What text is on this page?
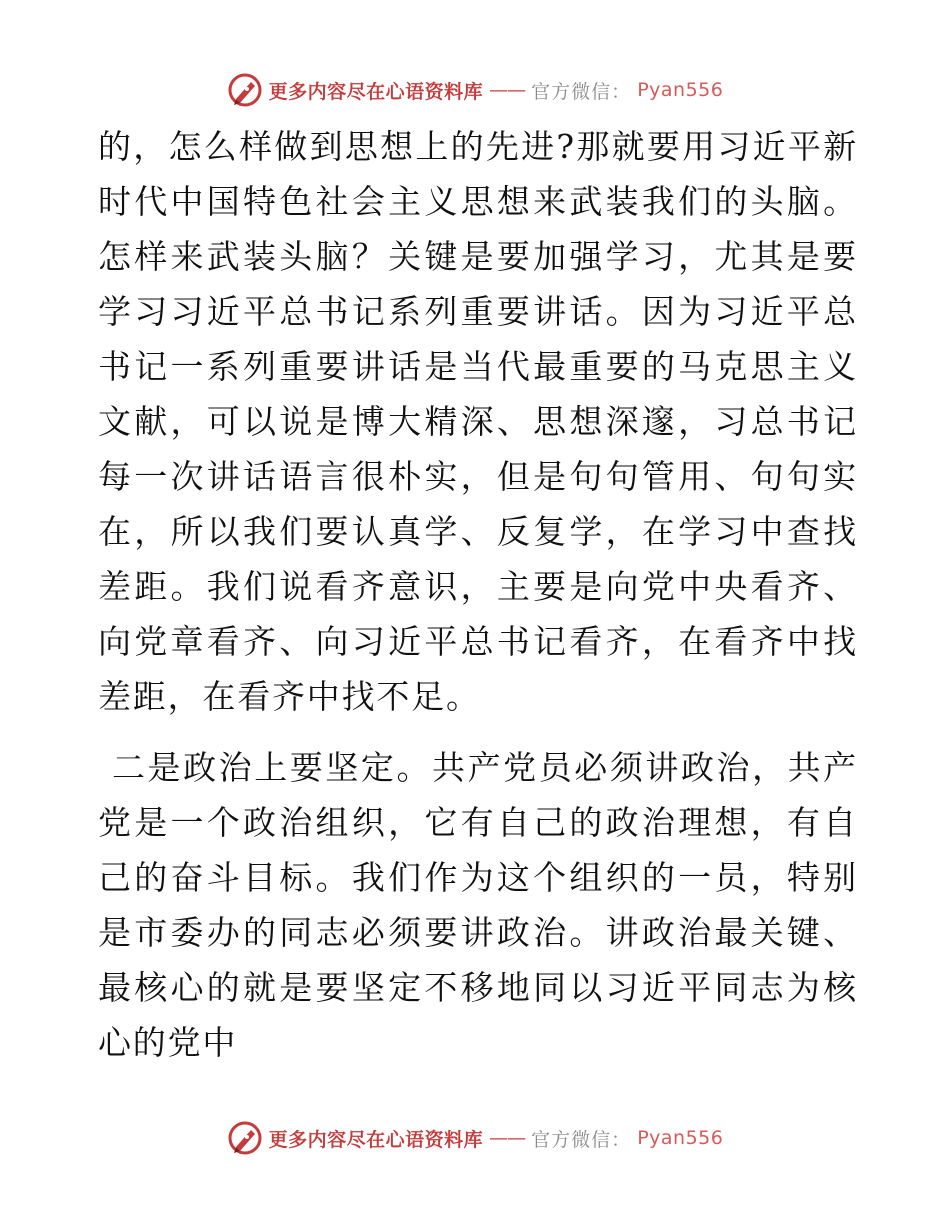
更多内容尽在心语资料库 —— 官方微信： Pyan556

的，怎么样做到思想上的先进?那就要用习近平新时代中国特色社会主义思想来武装我们的头脑。怎样来武装头脑？关键是要加强学习，尤其是要学习习近平总书记系列重要讲话。因为习近平总书记一系列重要讲话是当代最重要的马克思主义文献，可以说是博大精深、思想深邃，习总书记每一次讲话语言很朴实，但是句句管用、句句实在，所以我们要认真学、反复学，在学习中查找差距。我们说看齐意识，主要是向党中央看齐、向党章看齐、向习近平总书记看齐，在看齐中找差距，在看齐中找不足。

二是政治上要坚定。共产党员必须讲政治，共产党是一个政治组织，它有自己的政治理想，有自己的奋斗目标。我们作为这个组织的一员，特别是市委办的同志必须要讲政治。讲政治最关键、最核心的就是要坚定不移地同以习近平同志为核心的党中

更多内容尽在心语资料库 —— 官方微信： Pyan556
